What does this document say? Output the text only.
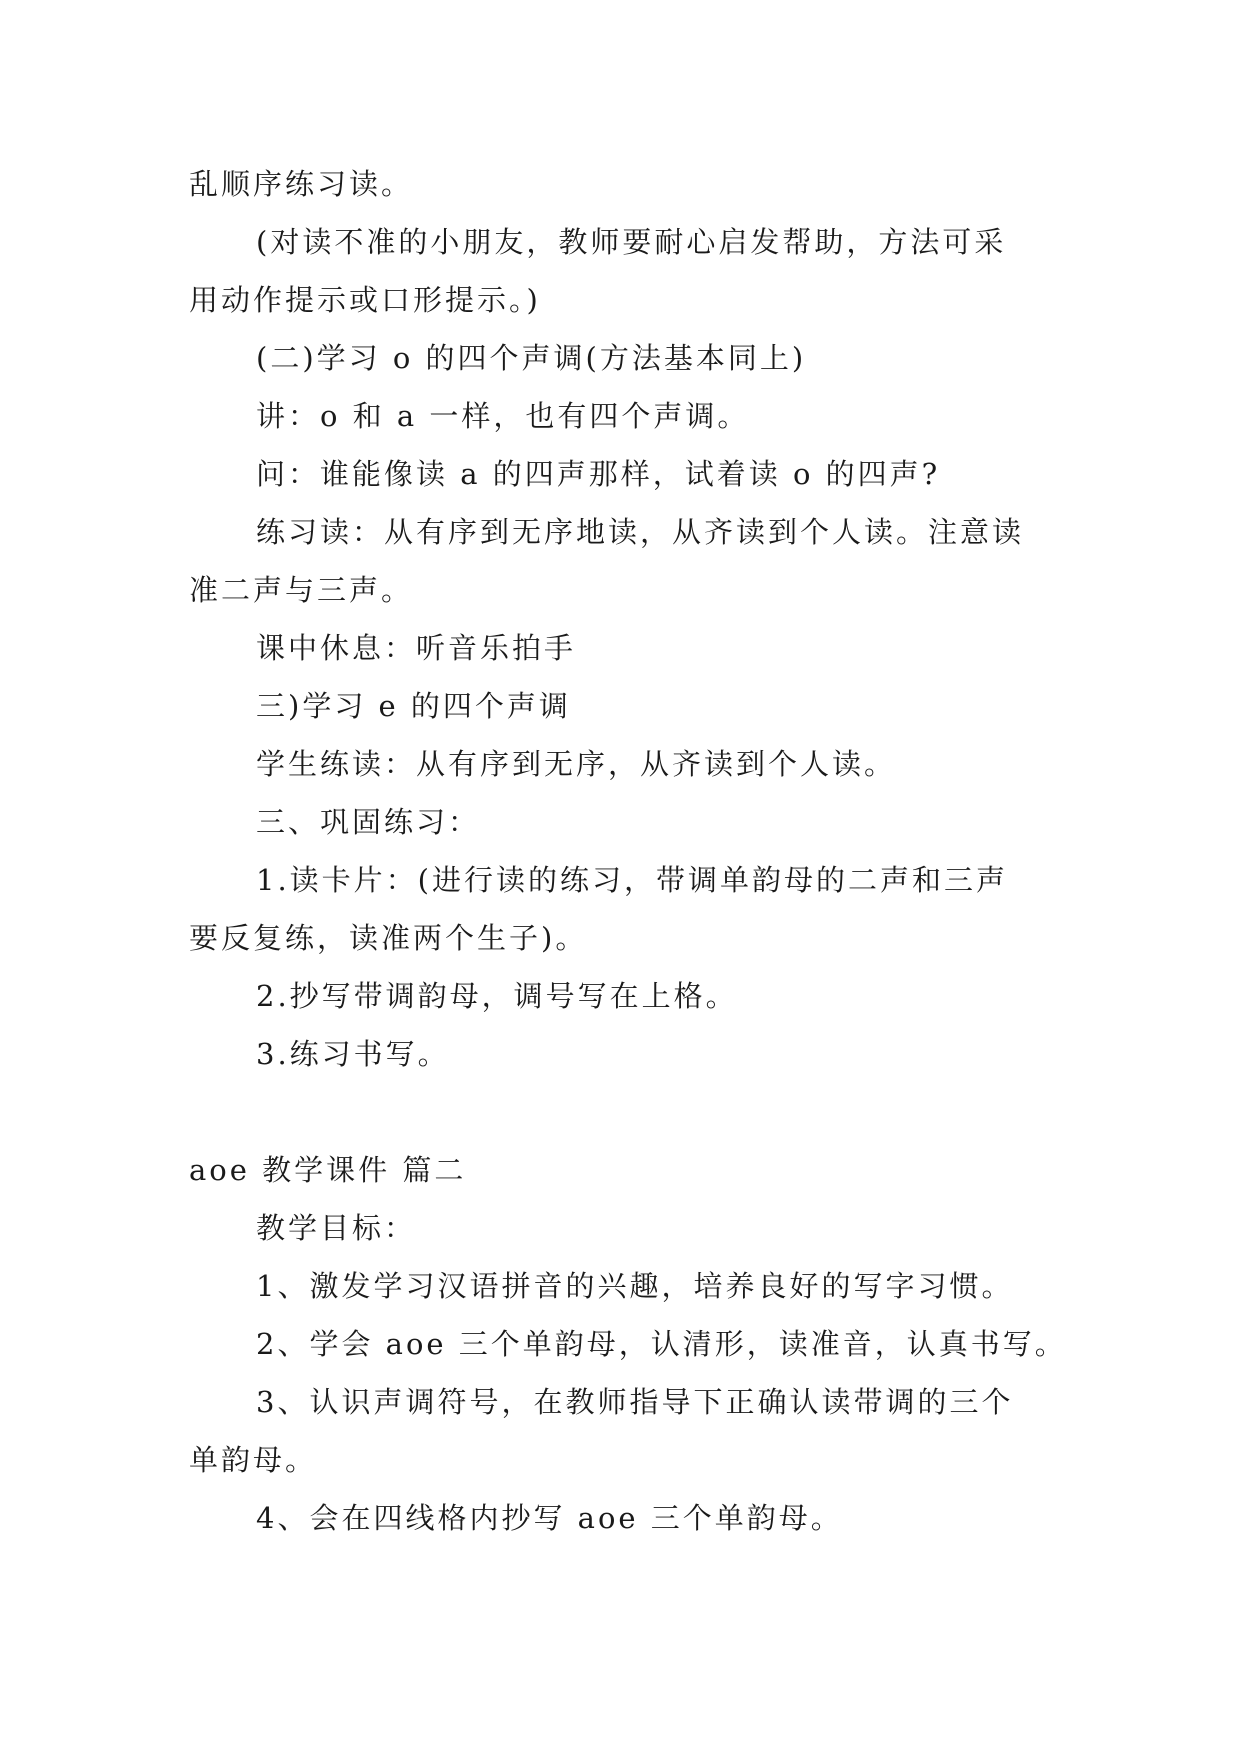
乱顺序练习读。
(对读不准的小朋友，教师要耐心启发帮助，方法可采
用动作提示或口形提示。)
(二)学习 o 的四个声调(方法基本同上)
讲：o 和 a 一样，也有四个声调。
问：谁能像读 a 的四声那样，试着读 o 的四声?
练习读：从有序到无序地读，从齐读到个人读。注意读
准二声与三声。
课中休息：听音乐拍手
三)学习 e 的四个声调
学生练读：从有序到无序，从齐读到个人读。
三、巩固练习：
1.读卡片：(进行读的练习，带调单韵母的二声和三声
要反复练，读准两个生子)。
2.抄写带调韵母，调号写在上格。
3.练习书写。
aoe 教学课件 篇二
教学目标：
1、激发学习汉语拼音的兴趣，培养良好的写字习惯。
2、学会 aoe 三个单韵母，认清形，读准音，认真书写。
3、认识声调符号，在教师指导下正确认读带调的三个
单韵母。
4、会在四线格内抄写 aoe 三个单韵母。
